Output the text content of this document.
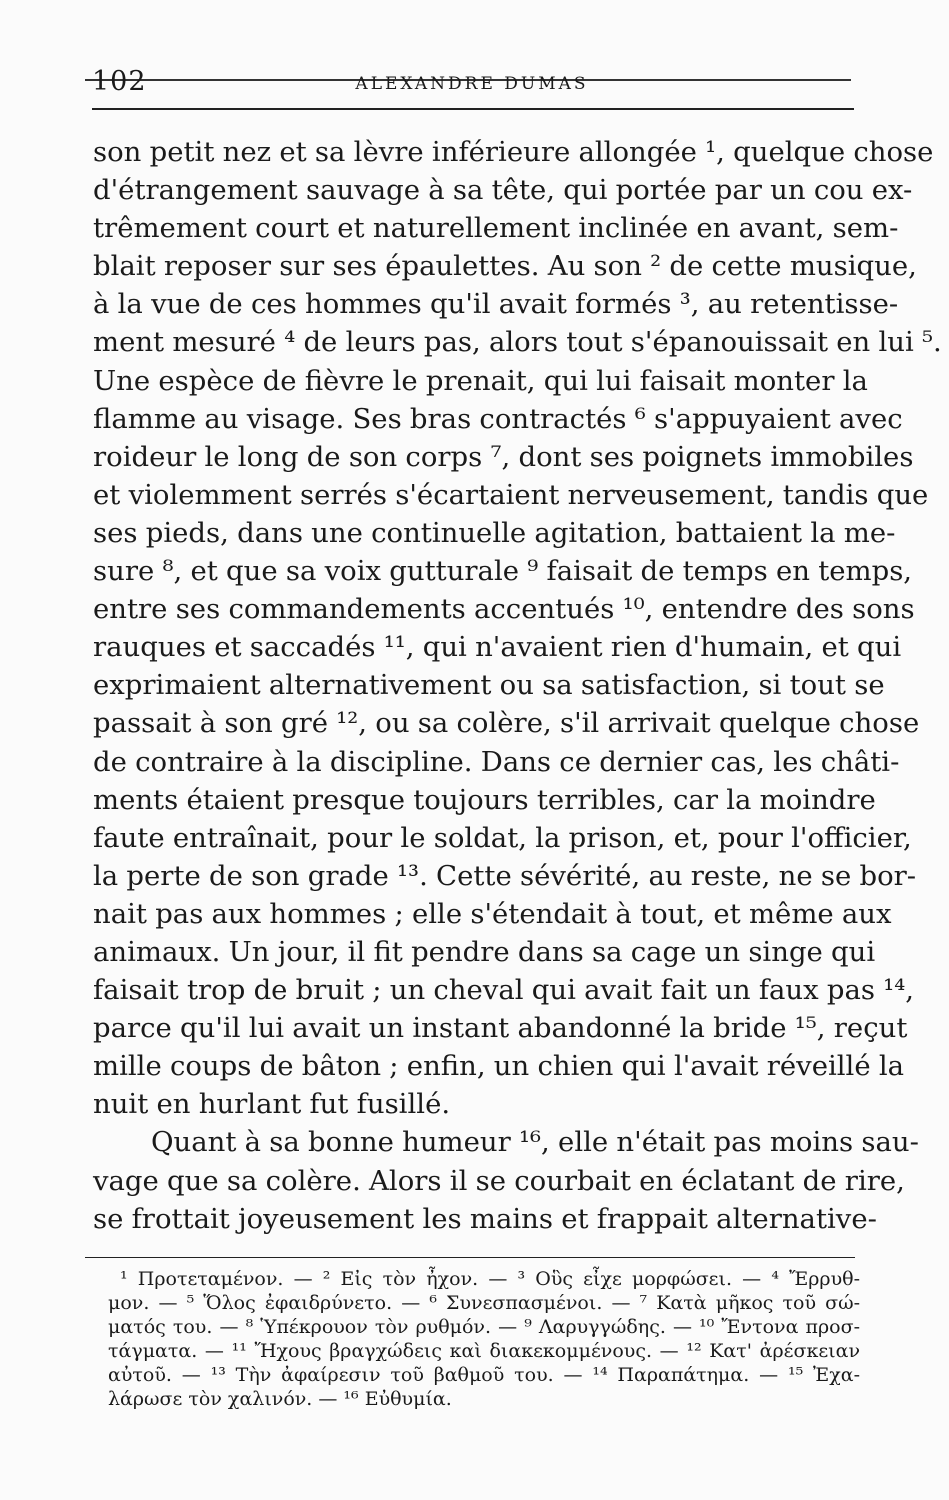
102	ALEXANDRE DUMAS
son petit nez et sa lèvre inférieure allongée ¹, quelque chose
d'étrangement sauvage à sa tête, qui portée par un cou ex-
trêmement court et naturellement inclinée en avant, sem-
blait reposer sur ses épaulettes. Au son ² de cette musique,
à la vue de ces hommes qu'il avait formés ³, au retentisse-
ment mesuré ⁴ de leurs pas, alors tout s'épanouissait en lui ⁵.
Une espèce de fièvre le prenait, qui lui faisait monter la
flamme au visage. Ses bras contractés ⁶ s'appuyaient avec
roideur le long de son corps ⁷, dont ses poignets immobiles
et violemment serrés s'écartaient nerveusement, tandis que
ses pieds, dans une continuelle agitation, battaient la me-
sure ⁸, et que sa voix gutturale ⁹ faisait de temps en temps,
entre ses commandements accentués ¹⁰, entendre des sons
rauques et saccadés ¹¹, qui n'avaient rien d'humain, et qui
exprimaient alternativement ou sa satisfaction, si tout se
passait à son gré ¹², ou sa colère, s'il arrivait quelque chose
de contraire à la discipline. Dans ce dernier cas, les châti-
ments étaient presque toujours terribles, car la moindre
faute entraînait, pour le soldat, la prison, et, pour l'officier,
la perte de son grade ¹³. Cette sévérité, au reste, ne se bor-
nait pas aux hommes ; elle s'étendait à tout, et même aux
animaux. Un jour, il fit pendre dans sa cage un singe qui
faisait trop de bruit ; un cheval qui avait fait un faux pas ¹⁴,
parce qu'il lui avait un instant abandonné la bride ¹⁵, reçut
mille coups de bâton ; enfin, un chien qui l'avait réveillé la
nuit en hurlant fut fusillé.
Quant à sa bonne humeur ¹⁶, elle n'était pas moins sau-
vage que sa colère. Alors il se courbait en éclatant de rire,
se frottait joyeusement les mains et frappait alternative-
¹ Προτεταμένον. — ² Εἰς τὸν ἦχον. — ³ Οὓς εἶχε μορφώσει. — ⁴ Ἔρρυθ-
μον. — ⁵ Ὅλος ἐφαιδρύνετο. — ⁶ Συνεσπασμένοι. — ⁷ Κατὰ μῆκος τοῦ σώ-
ματός του. — ⁸ Ὑπέκρουον τὸν ρυθμόν. — ⁹ Λαρυγγώδης. — ¹⁰ Ἔντονα προσ-
τάγματα. — ¹¹ Ἤχους βραγχώδεις καὶ διακεκομμένους. — ¹² Κατ' ἀρέσκειαν
αὐτοῦ. — ¹³ Τὴν ἀφαίρεσιν τοῦ βαθμοῦ του. — ¹⁴ Παραπάτημα. — ¹⁵ Ἐχα-
λάρωσε τὸν χαλινόν. — ¹⁶ Εὐθυμία.
